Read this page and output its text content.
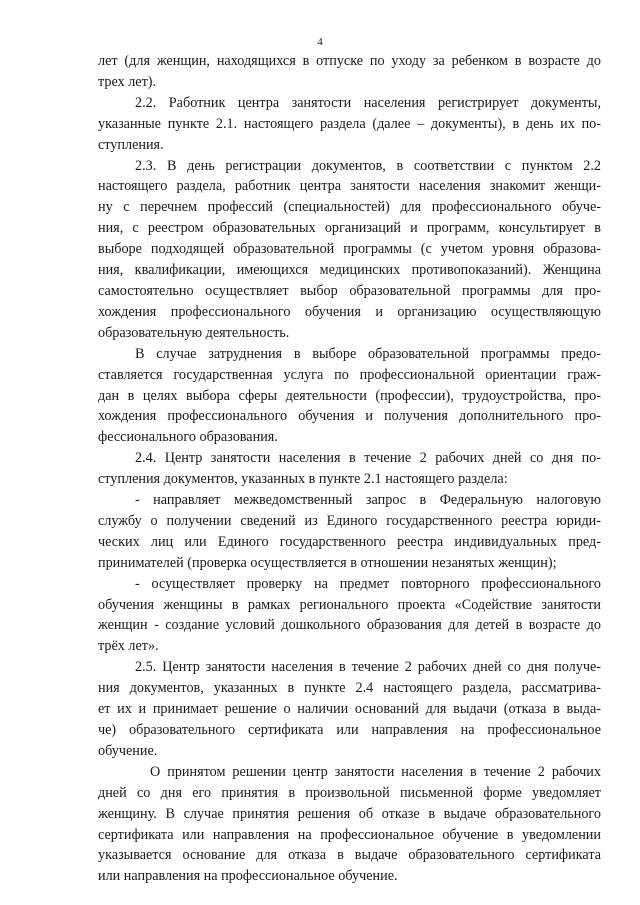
4
лет (для женщин, находящихся в отпуске по уходу за ребенком в возрасте до
трех лет).
2.2. Работник центра занятости населения регистрирует документы,
указанные пункте 2.1. настоящего раздела (далее – документы), в день их по-
ступления.
2.3. В день регистрации документов, в соответствии с пунктом 2.2
настоящего раздела, работник центра занятости населения знакомит женщи-
ну с перечнем профессий (специальностей) для профессионального обуче-
ния, с реестром образовательных организаций и программ, консультирует в
выборе подходящей образовательной программы (с учетом уровня образова-
ния, квалификации, имеющихся медицинских противопоказаний). Женщина
самостоятельно осуществляет выбор образовательной программы для про-
хождения профессионального обучения и организацию осуществляющую
образовательную деятельность.
В случае затруднения в выборе образовательной программы предо-
ставляется государственная услуга по профессиональной ориентации граж-
дан в целях выбора сферы деятельности (профессии), трудоустройства, про-
хождения профессионального обучения и получения дополнительного про-
фессионального образования.
2.4. Центр занятости населения в течение 2 рабочих дней со дня по-
ступления документов, указанных в пункте 2.1 настоящего раздела:
- направляет межведомственный запрос в Федеральную налоговую
службу о получении сведений из Единого государственного реестра юриди-
ческих лиц или Единого государственного реестра индивидуальных пред-
принимателей (проверка осуществляется в отношении незанятых женщин);
- осуществляет проверку на предмет повторного профессионального
обучения женщины в рамках регионального проекта «Содействие занятости
женщин - создание условий дошкольного образования для детей в возрасте до
трёх лет».
2.5. Центр занятости населения в течение 2 рабочих дней со дня получе-
ния документов, указанных в пункте 2.4 настоящего раздела, рассматрива-
ет их и принимает решение о наличии оснований для выдачи (отказа в выда-
че) образовательного сертификата или направления на профессиональное
обучение.
О принятом решении центр занятости населения в течение 2 рабочих
дней со дня его принятия в произвольной письменной форме уведомляет
женщину. В случае принятия решения об отказе в выдаче образовательного
сертификата или направления на профессиональное обучение в уведомлении
указывается основание для отказа в выдаче образовательного сертификата
или направления на профессиональное обучение.
